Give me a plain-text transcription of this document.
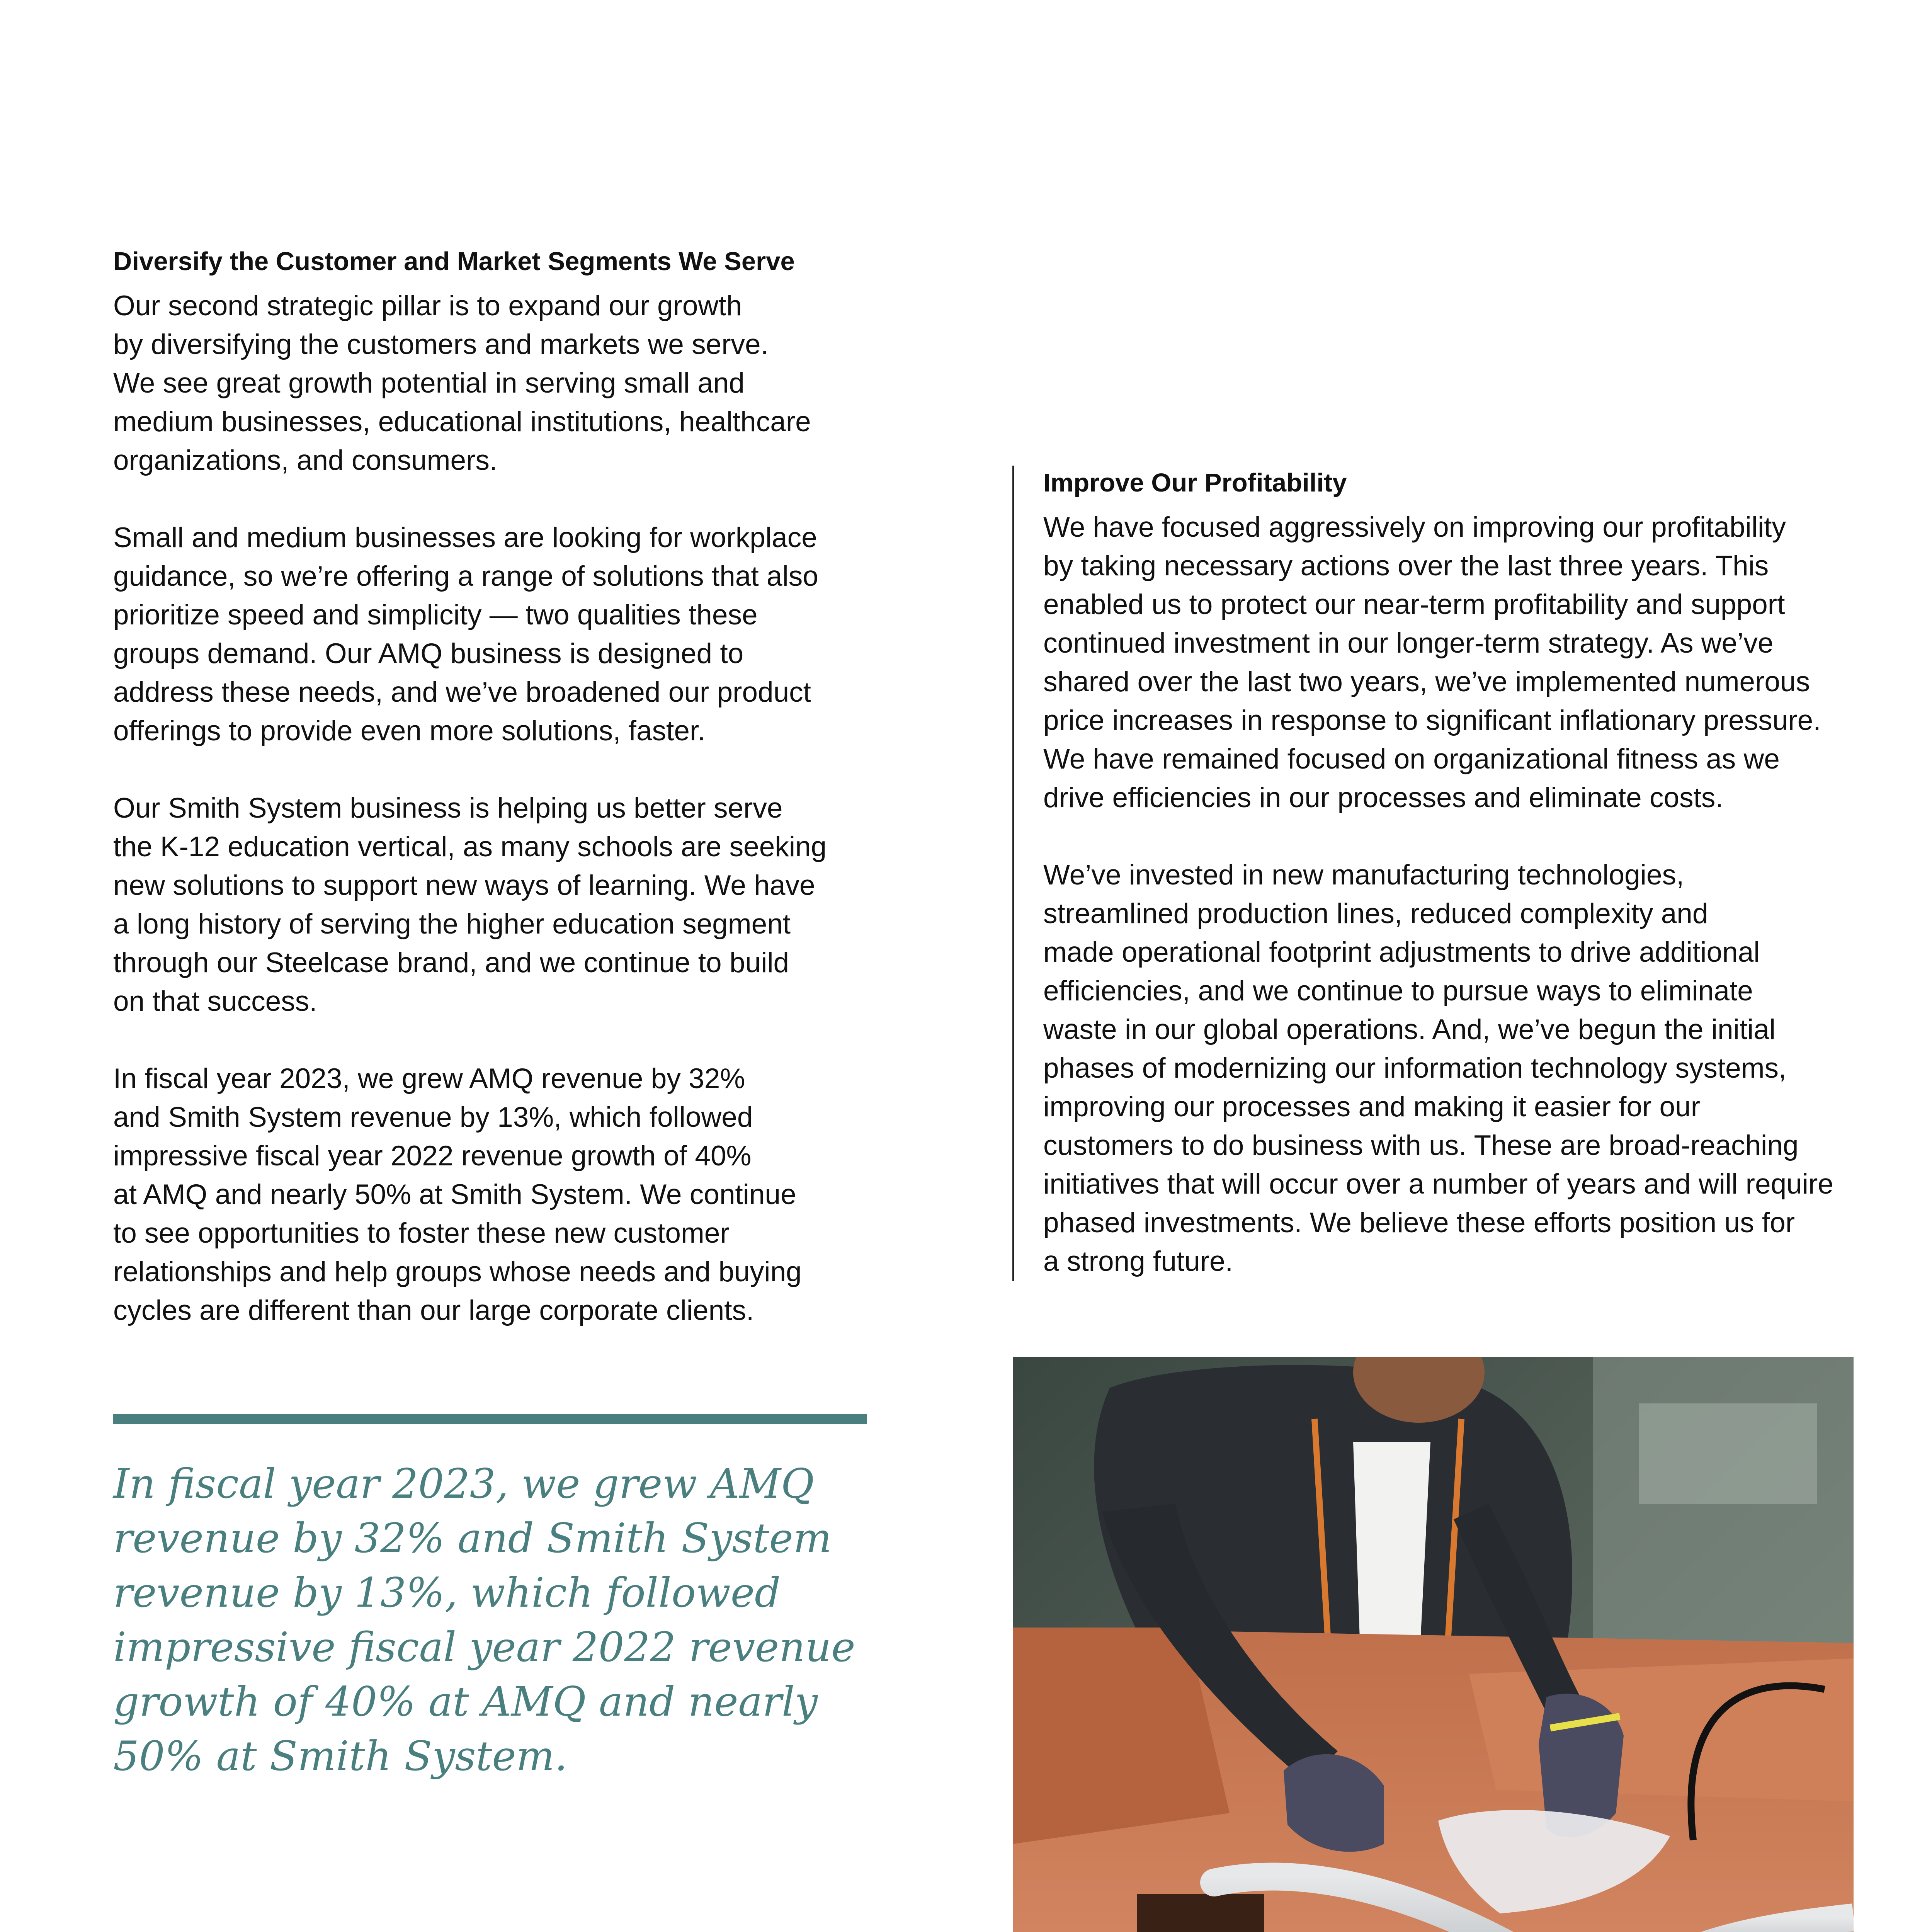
Diversify the Customer and Market Segments We Serve

Our second strategic pillar is to expand our growth
by diversifying the customers and markets we serve.
We see great growth potential in serving small and
medium businesses, educational institutions, healthcare
organizations, and consumers.

Small and medium businesses are looking for workplace
guidance, so we’re offering a range of solutions that also
prioritize speed and simplicity — two qualities these
groups demand. Our AMQ business is designed to
address these needs, and we’ve broadened our product
offerings to provide even more solutions, faster.

Our Smith System business is helping us better serve
the K-12 education vertical, as many schools are seeking
new solutions to support new ways of learning. We have
a long history of serving the higher education segment
through our Steelcase brand, and we continue to build
on that success.

In fiscal year 2023, we grew AMQ revenue by 32%
and Smith System revenue by 13%, which followed
impressive fiscal year 2022 revenue growth of 40%
at AMQ and nearly 50% at Smith System. We continue
to see opportunities to foster these new customer
relationships and help groups whose needs and buying
cycles are different than our large corporate clients.

Improve Our Profitability

We have focused aggressively on improving our profitability
by taking necessary actions over the last three years. This
enabled us to protect our near-term profitability and support
continued investment in our longer-term strategy. As we’ve
shared over the last two years, we’ve implemented numerous
price increases in response to significant inflationary pressure.
We have remained focused on organizational fitness as we
drive efficiencies in our processes and eliminate costs.

We’ve invested in new manufacturing technologies,
streamlined production lines, reduced complexity and
made operational footprint adjustments to drive additional
efficiencies, and we continue to pursue ways to eliminate
waste in our global operations. And, we’ve begun the initial
phases of modernizing our information technology systems,
improving our processes and making it easier for our
customers to do business with us. These are broad-reaching
initiatives that will occur over a number of years and will require
phased investments. We believe these efforts position us for
a strong future.

In fiscal year 2023, we grew AMQ
revenue by 32% and Smith System
revenue by 13%, which followed
impressive fiscal year 2022 revenue
growth of 40% at AMQ and nearly
50% at Smith System.
